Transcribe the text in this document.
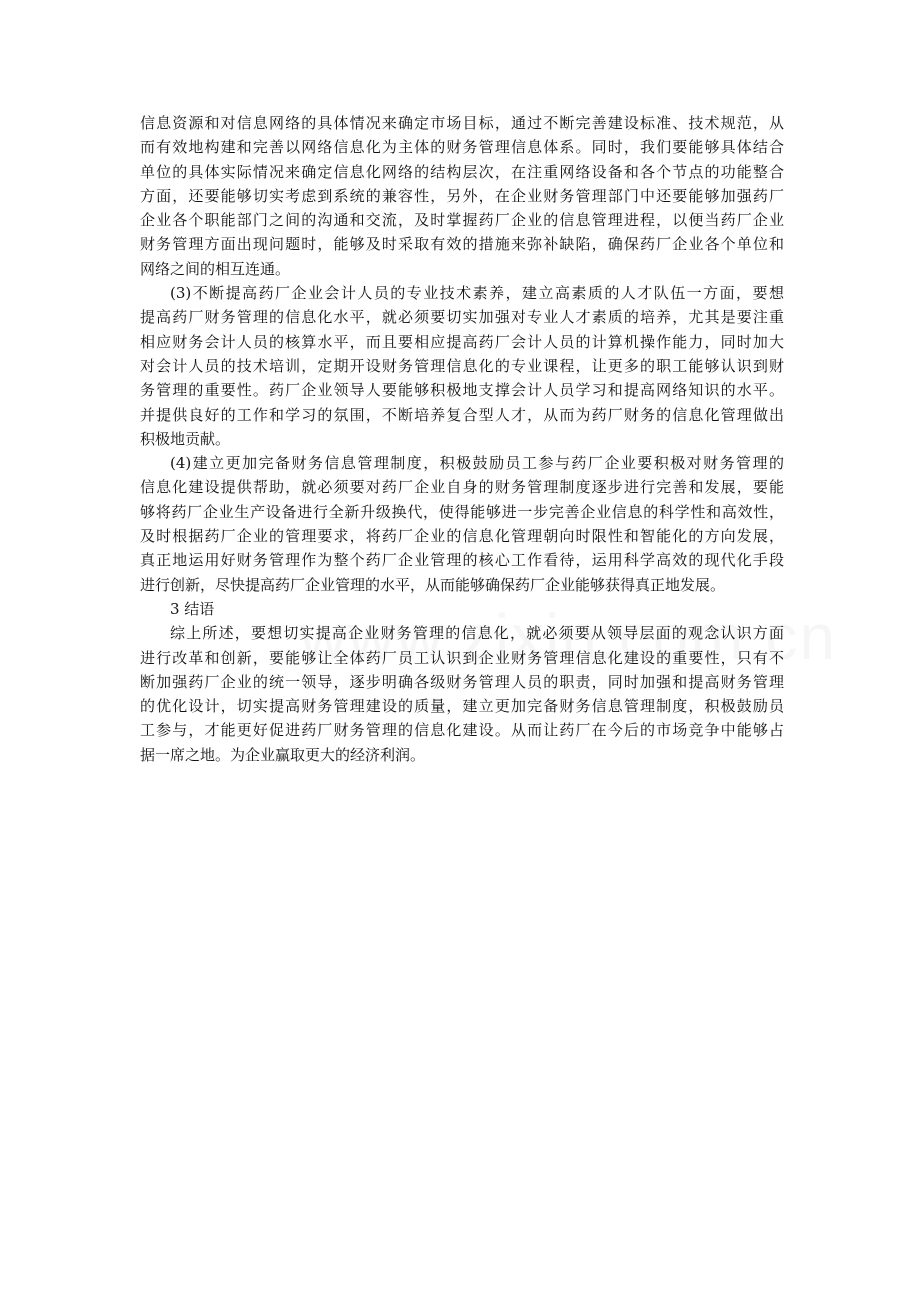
信息资源和对信息网络的具体情况来确定市场目标，通过不断完善建设标准、技术规范，从
而有效地构建和完善以网络信息化为主体的财务管理信息体系。同时，我们要能够具体结合
单位的具体实际情况来确定信息化网络的结构层次，在注重网络设备和各个节点的功能整合
方面，还要能够切实考虑到系统的兼容性，另外，在企业财务管理部门中还要能够加强药厂
企业各个职能部门之间的沟通和交流，及时掌握药厂企业的信息管理进程，以便当药厂企业
财务管理方面出现问题时，能够及时采取有效的措施来弥补缺陷，确保药厂企业各个单位和
网络之间的相互连通。
(3)不断提高药厂企业会计人员的专业技术素养，建立高素质的人才队伍一方面，要想
提高药厂财务管理的信息化水平，就必须要切实加强对专业人才素质的培养，尤其是要注重
相应财务会计人员的核算水平，而且要相应提高药厂会计人员的计算机操作能力，同时加大
对会计人员的技术培训，定期开设财务管理信息化的专业课程，让更多的职工能够认识到财
务管理的重要性。药厂企业领导人要能够积极地支撑会计人员学习和提高网络知识的水平。
并提供良好的工作和学习的氛围，不断培养复合型人才，从而为药厂财务的信息化管理做出
积极地贡献。
(4)建立更加完备财务信息管理制度，积极鼓励员工参与药厂企业要积极对财务管理的
信息化建设提供帮助，就必须要对药厂企业自身的财务管理制度逐步进行完善和发展，要能
够将药厂企业生产设备进行全新升级换代，使得能够进一步完善企业信息的科学性和高效性，
及时根据药厂企业的管理要求，将药厂企业的信息化管理朝向时限性和智能化的方向发展，
真正地运用好财务管理作为整个药厂企业管理的核心工作看待，运用科学高效的现代化手段
进行创新，尽快提高药厂企业管理的水平，从而能够确保药厂企业能够获得真正地发展。
3 结语
综上所述，要想切实提高企业财务管理的信息化，就必须要从领导层面的观念认识方面
进行改革和创新，要能够让全体药厂员工认识到企业财务管理信息化建设的重要性，只有不
断加强药厂企业的统一领导，逐步明确各级财务管理人员的职责，同时加强和提高财务管理
的优化设计，切实提高财务管理建设的质量，建立更加完备财务信息管理制度，积极鼓励员
工参与，才能更好促进药厂财务管理的信息化建设。从而让药厂在今后的市场竞争中能够占
据一席之地。为企业赢取更大的经济利润。
